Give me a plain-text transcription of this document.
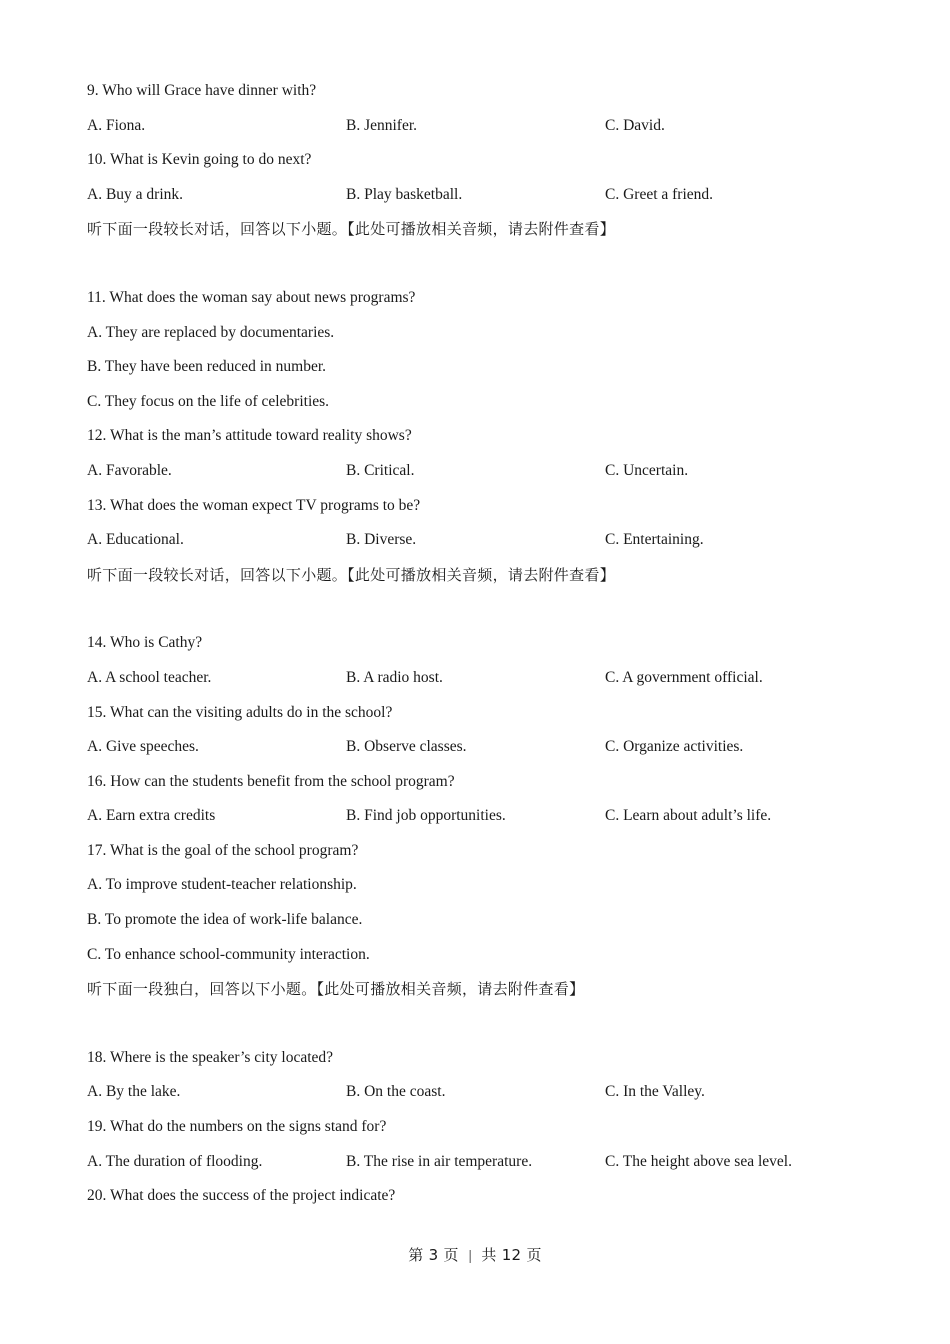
9. Who will Grace have dinner with?
A. Fiona.	B. Jennifer.	C. David.
10. What is Kevin going to do next?
A. Buy a drink.	B. Play basketball.	C. Greet a friend.
听下面一段较长对话，回答以下小题。【此处可播放相关音频，请去附件查看】
11. What does the woman say about news programs?
A. They are replaced by documentaries.
B. They have been reduced in number.
C. They focus on the life of celebrities.
12. What is the man’s attitude toward reality shows?
A. Favorable.	B. Critical.	C. Uncertain.
13. What does the woman expect TV programs to be?
A. Educational.	B. Diverse.	C. Entertaining.
听下面一段较长对话，回答以下小题。【此处可播放相关音频，请去附件查看】
14. Who is Cathy?
A. A school teacher.	B. A radio host.	C. A government official.
15. What can the visiting adults do in the school?
A. Give speeches.	B. Observe classes.	C. Organize activities.
16. How can the students benefit from the school program?
A. Earn extra credits	B. Find job opportunities.	C. Learn about adult’s life.
17. What is the goal of the school program?
A. To improve student-teacher relationship.
B. To promote the idea of work-life balance.
C. To enhance school-community interaction.
听下面一段独白，回答以下小题。【此处可播放相关音频，请去附件查看】
18. Where is the speaker’s city located?
A. By the lake.	B. On the coast.	C. In the Valley.
19. What do the numbers on the signs stand for?
A. The duration of flooding.	B. The rise in air temperature.	C. The height above sea level.
20. What does the success of the project indicate?
第 3 页 | 共 12 页
